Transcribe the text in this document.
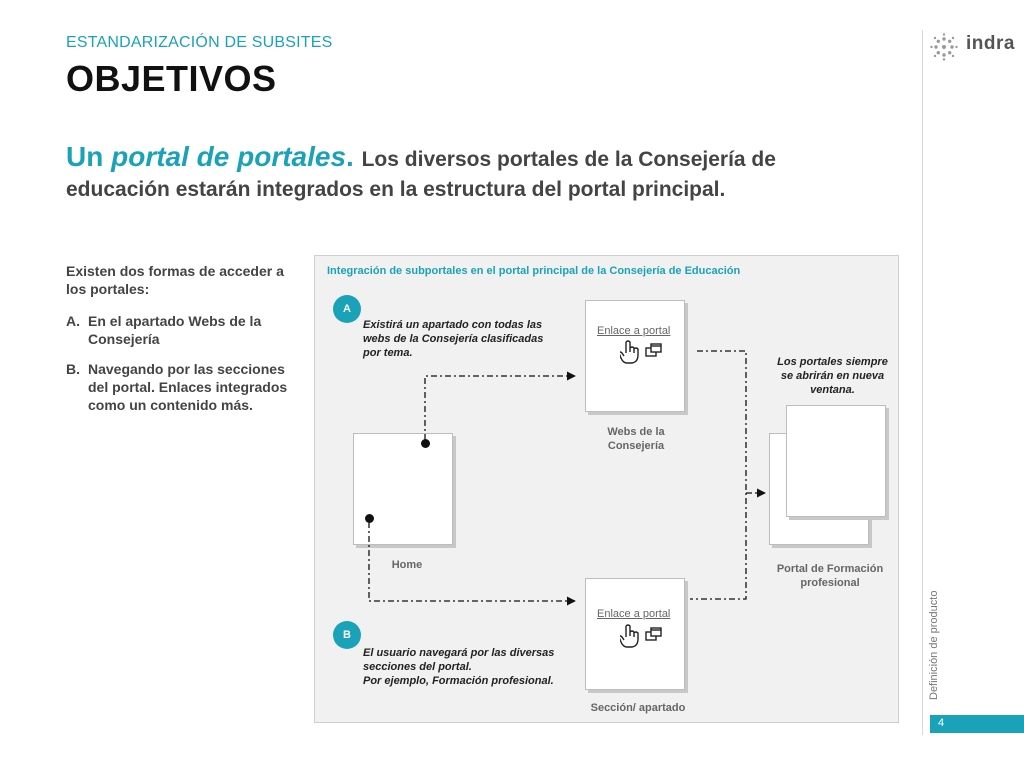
ESTANDARIZACIÓN DE SUBSITES
OBJETIVOS
indra
Definición de producto
4
Un portal de portales. Los diversos portales de la Consejería de educación estarán integrados en la estructura del portal principal.
Existen dos formas de acceder a los portales:
A. En el apartado Webs de la Consejería
B. Navegando por las secciones del portal. Enlaces integrados como un contenido más.
Integración de subportales en el portal principal de la Consejería de Educación
Enlace a portal
Enlace a portal
A
B
Existirá un apartado con todas las webs de la Consejería clasificadas por tema.
El usuario navegará por las diversas secciones del portal.
Por ejemplo, Formación profesional.
Los portales siempre se abrirán en nueva ventana.
Webs de la Consejería
Home
Sección/ apartado
Portal de Formación profesional
